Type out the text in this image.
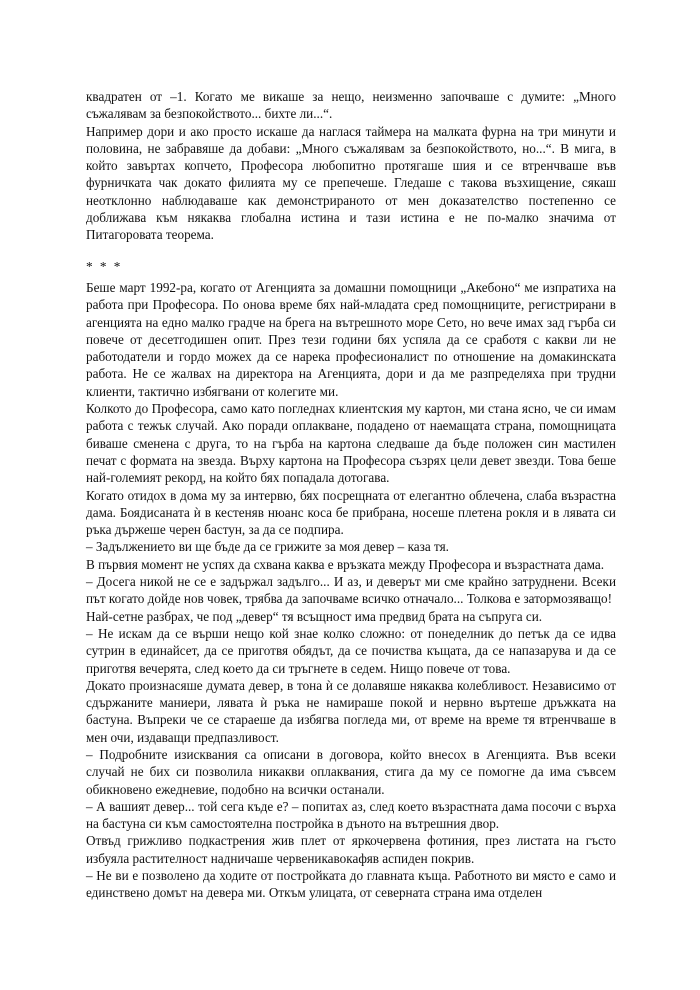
квадратен от –1. Когато ме викаше за нещо, неизменно започваше с думите: „Много съжалявам за безпокойството... бихте ли...“.

Например дори и ако просто искаше да наглася таймера на малката фурна на три минути и половина, не забравяше да добави: „Много съжалявам за безпокойството, но...“. В мига, в който завъртах копчето, Професора любопитно протягаше шия и се втренчваше във фурничката чак докато филията му се препечеше. Гледаше с такова възхищение, сякаш неотклонно наблюдаваше как демонстрираното от мен доказателство постепенно се доближава към някаква глобална истина и тази истина е не по-малко значима от Питагоровата теорема.

* * *

Беше март 1992-ра, когато от Агенцията за домашни помощници „Акебоно“ ме изпратиха на работа при Професора. По онова време бях най-младата сред помощниците, регистрирани в агенцията на едно малко градче на брега на вътрешното море Сето, но вече имах зад гърба си повече от десетгодишен опит. През тези години бях успяла да се сработя с какви ли не работодатели и гордо можех да се нарека професионалист по отношение на домакинската работа. Не се жалвах на директора на Агенцията, дори и да ме разпределяха при трудни клиенти, тактично избягвани от колегите ми.

Колкото до Професора, само като погледнах клиентския му картон, ми стана ясно, че си имам работа с тежък случай. Ако поради оплакване, подадено от наемащата страна, помощницата биваше сменена с друга, то на гърба на картона следваше да бъде положен син мастилен печат с формата на звезда. Върху картона на Професора съзрях цели девет звезди. Това беше най-големият рекорд, на който бях попадала дотогава.

Когато отидох в дома му за интервю, бях посрещната от елегантно облечена, слаба възрастна дама. Боядисаната ѝ в кестеняв нюанс коса бе прибрана, носеше плетена рокля и в лявата си ръка държеше черен бастун, за да се подпира.

– Задължението ви ще бъде да се грижите за моя девер – каза тя.

В първия момент не успях да схвана каква е връзката между Професора и възрастната дама.

– Досега никой не се е задържал задълго... И аз, и деверът ми сме крайно затруднени. Всеки път когато дойде нов човек, трябва да започваме всичко отначало... Толкова е затормозяващо!

Най-сетне разбрах, че под „девер“ тя всъщност има предвид брата на съпруга си.

– Не искам да се върши нещо кой знае колко сложно: от понеделник до петък да се идва сутрин в единайсет, да се приготвя обядът, да се почиства къщата, да се напазарува и да се приготвя вечерята, след което да си тръгнете в седем. Нищо повече от това.

Докато произнасяше думата девер, в тона ѝ се долавяше някаква колебливост. Независимо от сдържаните маниери, лявата ѝ ръка не намираше покой и нервно въртеше дръжката на бастуна. Въпреки че се стараеше да избягва погледа ми, от време на време тя втренчваше в мен очи, издаващи предпазливост.

– Подробните изисквания са описани в договора, който внесох в Агенцията. Във всеки случай не бих си позволила никакви оплаквания, стига да му се помогне да има съвсем обикновено ежедневие, подобно на всички останали.

– А вашият девер... той сега къде е? – попитах аз, след което възрастната дама посочи с върха на бастуна си към самостоятелна постройка в дъното на вътрешния двор.

Отвъд грижливо подкастрения жив плет от яркочервена фотиния, през листата на гъсто избуяла растителност надничаше червеникавокафяв аспиден покрив.

– Не ви е позволено да ходите от постройката до главната къща. Работното ви място е само и единствено домът на девера ми. Откъм улицата, от северната страна има отделен
